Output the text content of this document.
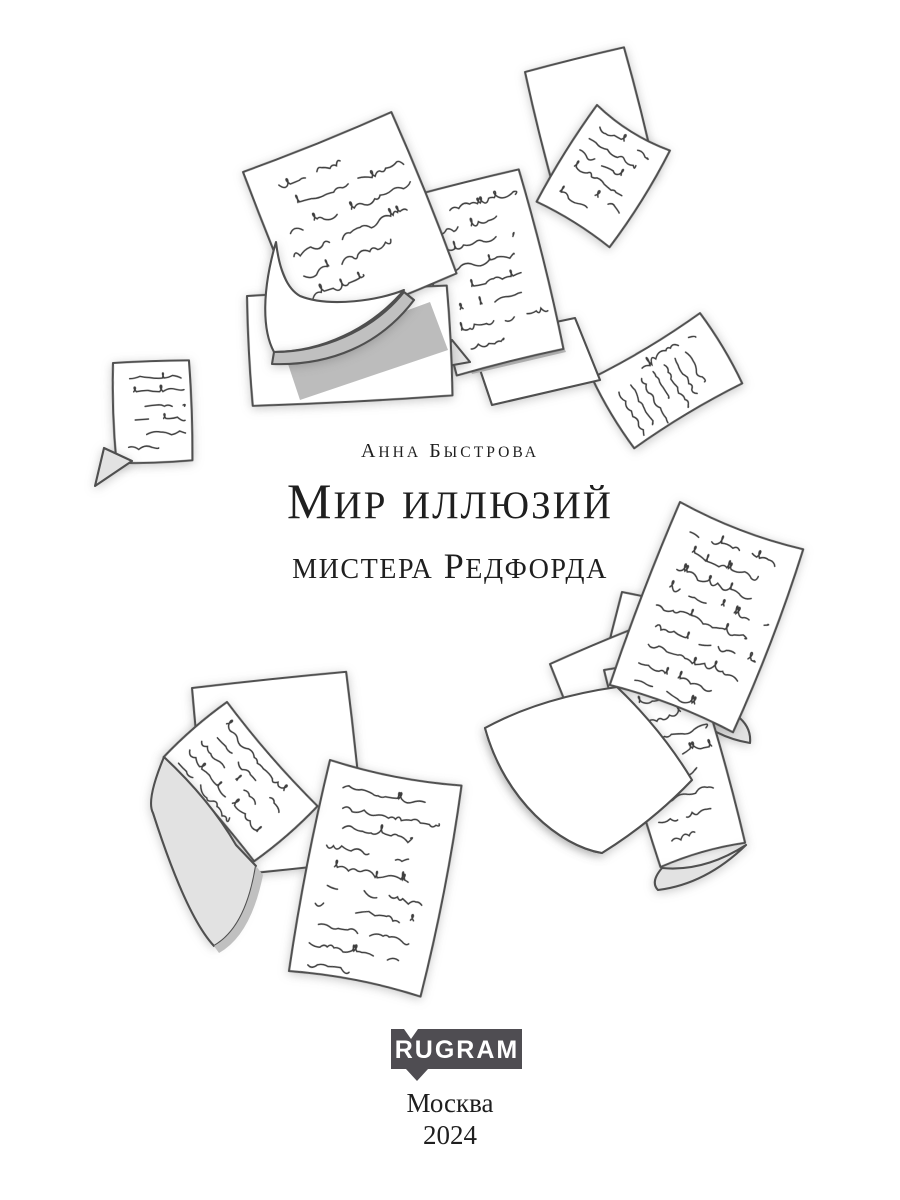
АННА БЫСТРОВА
МИР ИЛЛЮЗИЙ
МИСТЕРА РЕДФОРДА
RUGRAM
Москва
2024
